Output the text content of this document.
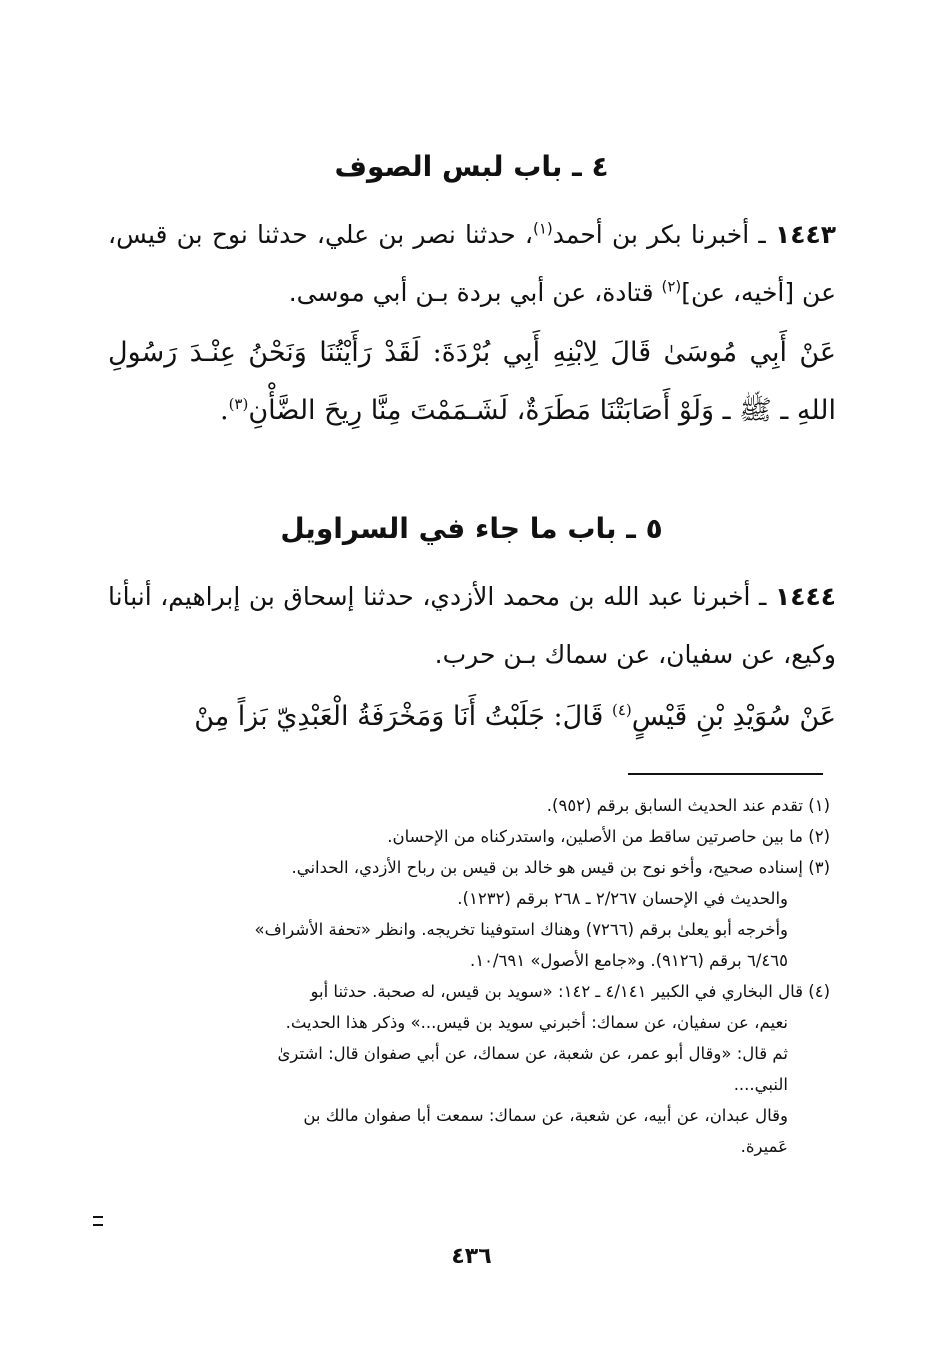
٤ ـ باب لبس الصوف
١٤٤٣ ـ أخبرنا بكر بن أحمد$^{(١)}$، حدثنا نصر بن علي، حدثنا نوح بن قيس، عن [أخيه، عن]$^{(٢)}$ قتادة، عن أبي بردة بـن أبي موسى.
عَنْ أَبِي مُوسَىٰ قَالَ لِابْنِهِ أَبِي بُرْدَةَ: لَقَدْ رَأَيْتُنَا وَنَحْنُ عِنْـدَ رَسُولِ اللهِ ـ ﷺ ـ وَلَوْ أَصَابَتْنَا مَطَرَةٌ، لَشَـمَمْتَ مِنَّا رِيحَ الضَّأْنِ$^{(٣)}$.
٥ ـ باب ما جاء في السراويل
١٤٤٤ ـ أخبرنا عبد الله بن محمد الأزدي، حدثنا إسحاق بن إبراهيم، أنبأنا وكيع، عن سفيان، عن سماك بـن حرب.
عَنْ سُوَيْدِ بْنِ قَيْسٍ$^{(٤)}$ قَالَ: جَلَبْتُ أَنَا وَمَخْرَفَةُ الْعَبْدِيّ بَزاً مِنْ

(١) تقدم عند الحديث السابق برقم (٩٥٢).

(٢) ما بين حاصرتين ساقط من الأصلين، واستدركناه من الإحسان.

(٣) إسناده صحيح، وأخو نوح بن قيس هو خالد بن قيس بن رباح الأزدي، الحداني.
والحديث في الإحسان ٢/٢٦٧ ـ ٢٦٨ برقم (١٢٣٢).

وأخرجه أبو يعلىٰ برقم (٧٢٦٦) وهناك استوفينا تخريجه. وانظر «تحفة الأشراف»
٦/٤٦٥ برقم (٩١٢٦). و«جامع الأصول» ١٠/٦٩١.

(٤) قال البخاري في الكبير ٤/١٤١ ـ ١٤٢: «سويد بن قيس، له صحبة. حدثنا أبو
نعيم، عن سفيان، عن سماك: أخبرني سويد بن قيس...» وذكر هذا الحديث.

ثم قال: «وقال أبو عمر، عن شعبة، عن سماك، عن أبي صفوان قال: اشترىٰ
النبي....

وقال عبدان، عن أبيه، عن شعبة، عن سماك: سمعت أبا صفوان مالك بن
عَميرة.

٤٣٦
